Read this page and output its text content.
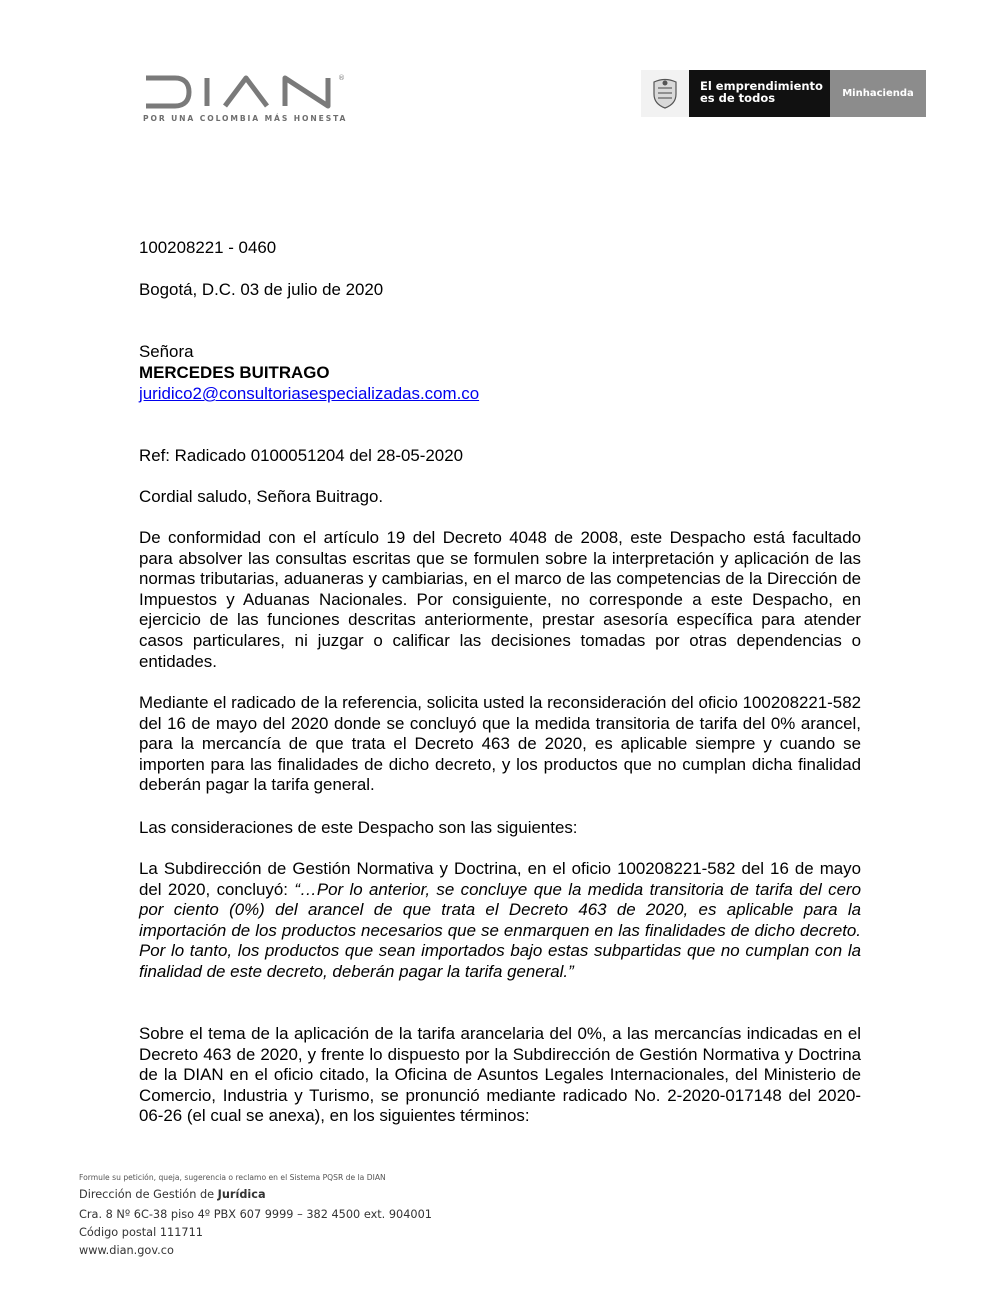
®
POR UNA COLOMBIA MÁS HONESTA
El emprendimiento
es de todos	Minhacienda

100208221 - 0460

Bogotá, D.C. 03 de julio de 2020

Señora

MERCEDES BUITRAGO

juridico2@consultoriasespecializadas.com.co

Ref: Radicado 0100051204 del 28-05-2020

Cordial saludo, Señora Buitrago.

De conformidad con el artículo 19 del Decreto 4048 de 2008, este Despacho está facultado para absolver las consultas escritas que se formulen sobre la interpretación y aplicación de las normas tributarias, aduaneras y cambiarias, en el marco de las competencias de la Dirección de Impuestos y Aduanas Nacionales. Por consiguiente, no corresponde a este Despacho, en ejercicio de las funciones descritas anteriormente, prestar asesoría específica para atender casos particulares, ni juzgar o calificar las decisiones tomadas por otras dependencias o entidades.

Mediante el radicado de la referencia, solicita usted la reconsideración del oficio 100208221-582 del 16 de mayo del 2020 donde se concluyó que la medida transitoria de tarifa del 0% arancel, para la mercancía de que trata el Decreto 463 de 2020, es aplicable siempre y cuando se importen para las finalidades de dicho decreto, y los productos que no cumplan dicha finalidad deberán pagar la tarifa general.

Las consideraciones de este Despacho son las siguientes:

La Subdirección de Gestión Normativa y Doctrina, en el oficio 100208221-582 del 16 de mayo del 2020, concluyó: “…Por lo anterior, se concluye que la medida transitoria de tarifa del cero por ciento (0%) del arancel de que trata el Decreto 463 de 2020, es aplicable para la importación de los productos necesarios que se enmarquen en las finalidades de dicho decreto. Por lo tanto, los productos que sean importados bajo estas subpartidas que no cumplan con la finalidad de este decreto, deberán pagar la tarifa general.”

Sobre el tema de la aplicación de la tarifa arancelaria del 0%, a las mercancías indicadas en el Decreto 463 de 2020, y frente lo dispuesto por la Subdirección de Gestión Normativa y Doctrina de la DIAN en el oficio citado, la Oficina de Asuntos Legales Internacionales, del Ministerio de Comercio, Industria y Turismo, se pronunció mediante radicado No. 2-2020-017148 del 2020-06-26 (el cual se anexa), en los siguientes términos:

Formule su petición, queja, sugerencia o reclamo en el Sistema PQSR de la DIAN
Dirección de Gestión de Jurídica
Cra. 8 Nº 6C-38 piso 4º PBX 607 9999 – 382 4500 ext. 904001
Código postal 111711
www.dian.gov.co
